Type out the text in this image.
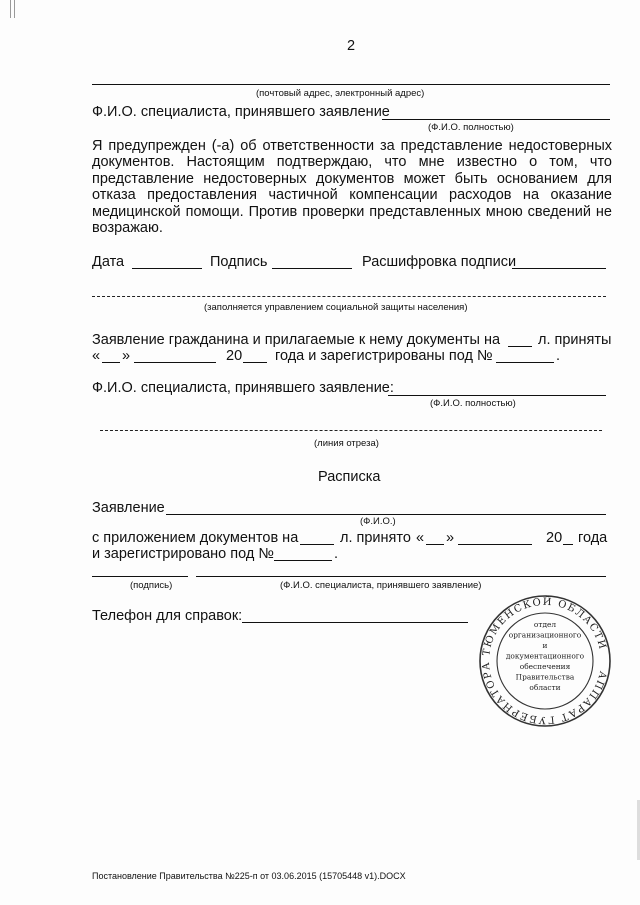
2
(почтовый адрес, электронный адрес)
Ф.И.О. специалиста, принявшего заявление
(Ф.И.О. полностью)
Я предупрежден (-а) об ответственности за представление недостоверных документов. Настоящим подтверждаю, что мне известно о том, что представление недостоверных документов может быть основанием для отказа предоставления частичной компенсации расходов на оказание медицинской помощи. Против проверки представленных мною сведений не возражаю.
Дата	Подпись	Расшифровка подписи
(заполняется управлением социальной защиты населения)
Заявление гражданина и прилагаемые к нему документы на	л. приняты
« »	20 года и зарегистрированы под №	.
Ф.И.О. специалиста, принявшего заявление:
(Ф.И.О. полностью)
(линия отреза)
Расписка
Заявление
(Ф.И.О.)
с приложением документов на	л. принято « »	20 года
и зарегистрировано под №	.
(подпись)	(Ф.И.О. специалиста, принявшего заявление)
Телефон для справок:
АППАРАТ ГУБЕРНАТОРА ТЮМЕНСКОЙ ОБЛАСТИ
отдел
организационного
и
документационного
обеспечения
Правительства
области
Постановление Правительства №225-п от 03.06.2015 (15705448 v1).DOCX
